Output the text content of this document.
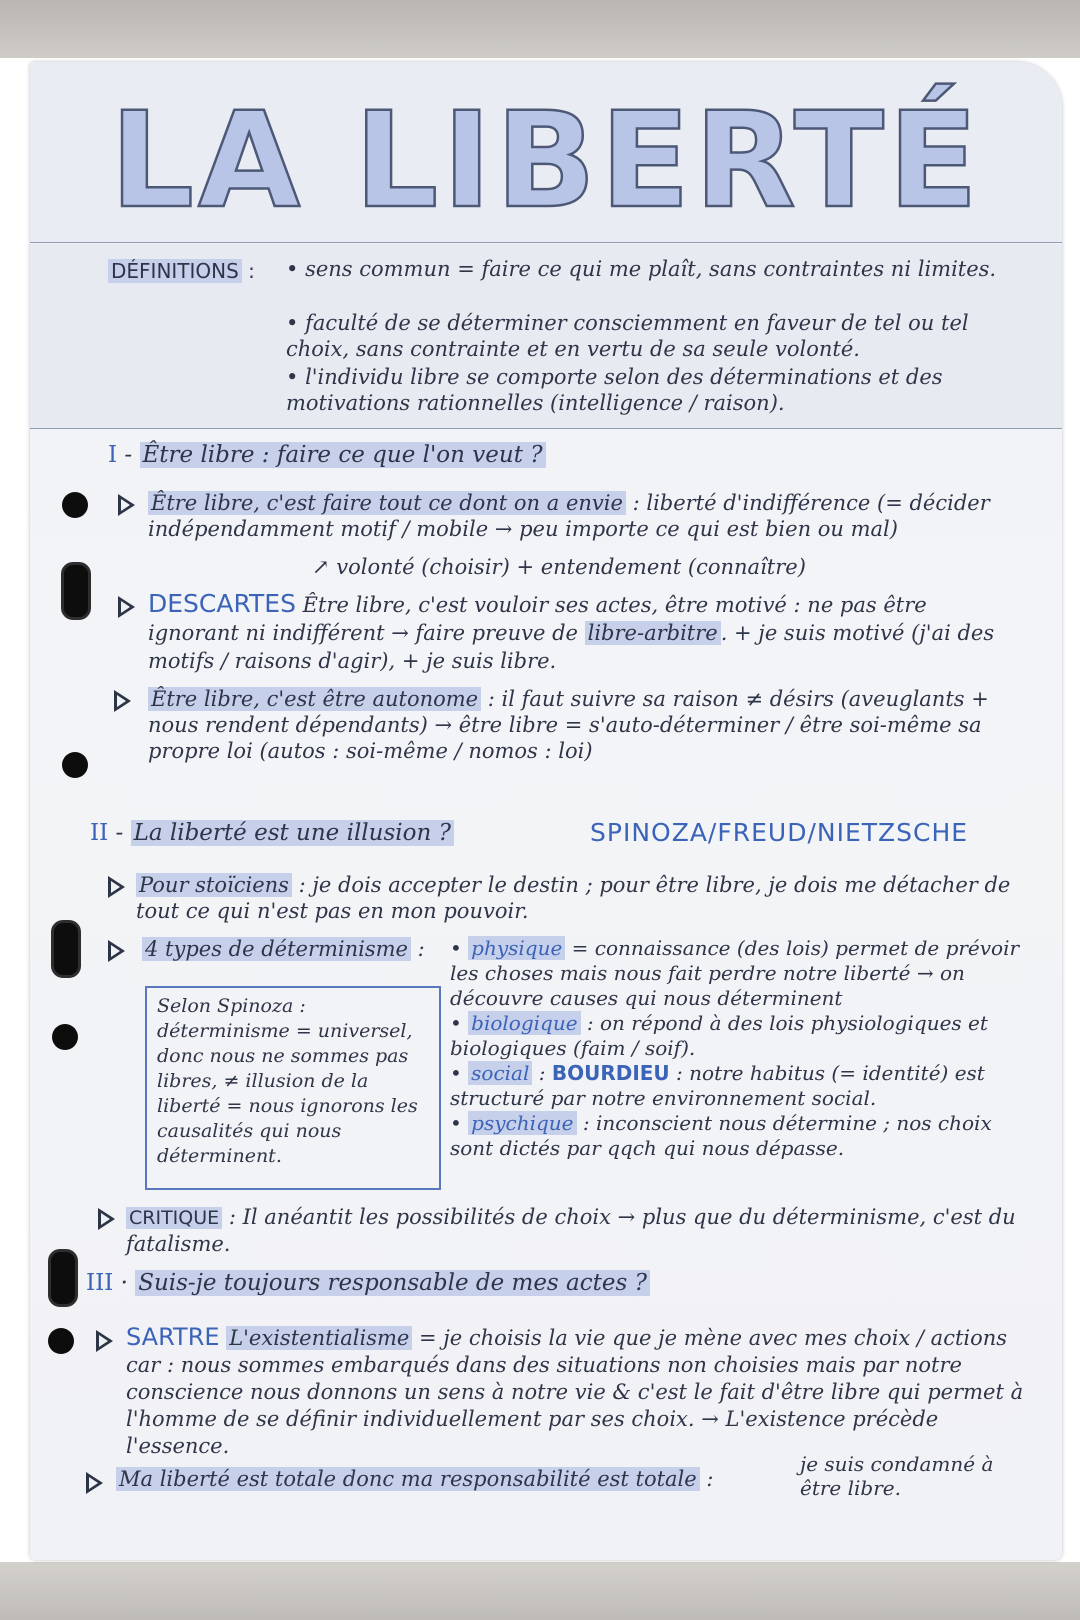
LA LIBERTÉ
DÉFINITIONS : • sens commun = faire ce qui me plaît, sans contraintes ni limites.
• faculté de se déterminer consciemment en faveur de tel ou tel choix, sans contrainte et en vertu de sa seule volonté.
• l'individu libre se comporte selon des déterminations et des motivations rationnelles (intelligence / raison).
I - Être libre : faire ce que l'on veut ?
Être libre, c'est faire tout ce dont on a envie : liberté d'indifférence (= décider indépendamment motif / mobile → peu importe ce qui est bien ou mal)
↗ volonté (choisir) + entendement (connaître)
DESCARTES Être libre, c'est vouloir ses actes, être motivé : ne pas être ignorant ni indifférent → faire preuve de libre-arbitre . + je suis motivé (j'ai des motifs / raisons d'agir), + je suis libre.
Être libre, c'est être autonome : il faut suivre sa raison ≠ désirs (aveuglants + nous rendent dépendants) → être libre = s'auto-déterminer / être soi-même sa propre loi (autos : soi-même / nomos : loi)
II - La liberté est une illusion ?	SPINOZA/FREUD/NIETZSCHE
Pour stoïciens : je dois accepter le destin ; pour être libre, je dois me détacher de tout ce qui n'est pas en mon pouvoir.
4 types de déterminisme :
Selon Spinoza : déterminisme = universel, donc nous ne sommes pas libres, ≠ illusion de la liberté = nous ignorons les causalités qui nous déterminent.
• physique = connaissance (des lois) permet de prévoir les choses mais nous fait perdre notre liberté → on découvre causes qui nous déterminent
• biologique : on répond à des lois physiologiques et biologiques (faim / soif).
• social : BOURDIEU : notre habitus (= identité) est structuré par notre environnement social.
• psychique : inconscient nous détermine ; nos choix sont dictés par qqch qui nous dépasse.
CRITIQUE : Il anéantit les possibilités de choix → plus que du déterminisme, c'est du fatalisme.
III · Suis-je toujours responsable de mes actes ?
SARTRE L'existentialisme = je choisis la vie que je mène avec mes choix / actions car : nous sommes embarqués dans des situations non choisies mais par notre conscience nous donnons un sens à notre vie & c'est le fait d'être libre qui permet à l'homme de se définir individuellement par ses choix. → L'existence précède l'essence.
Ma liberté est totale donc ma responsabilité est totale :
je suis condamné à être libre.
